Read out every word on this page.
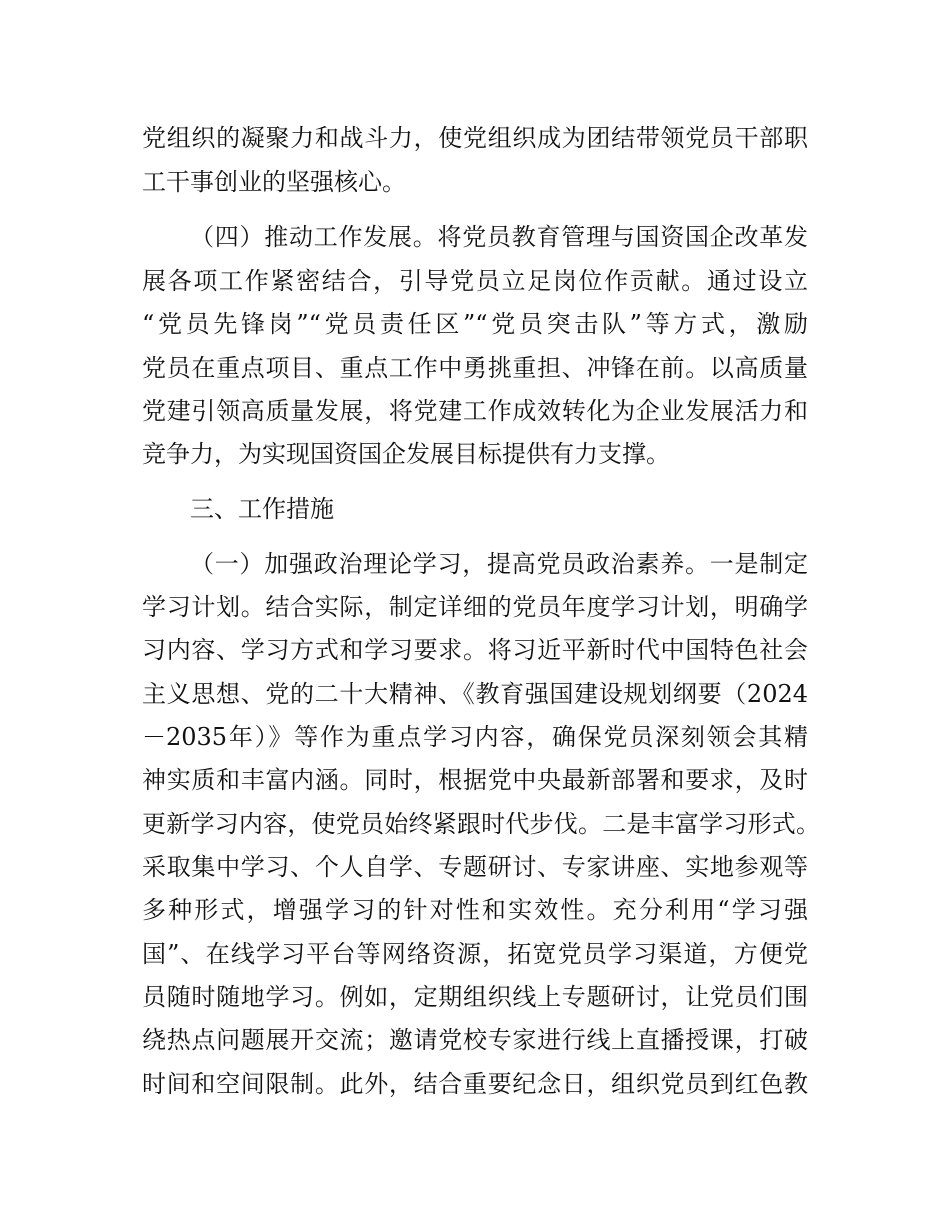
党组织的凝聚力和战斗力，使党组织成为团结带领党员干部职
工干事创业的坚强核心。
（四）推动工作发展。将党员教育管理与国资国企改革发
展各项工作紧密结合，引导党员立足岗位作贡献。通过设立
“党员先锋岗”“党员责任区”“党员突击队”等方式，激励
党员在重点项目、重点工作中勇挑重担、冲锋在前。以高质量
党建引领高质量发展，将党建工作成效转化为企业发展活力和
竞争力，为实现国资国企发展目标提供有力支撑。
三、工作措施
（一）加强政治理论学习，提高党员政治素养。一是制定
学习计划。结合实际，制定详细的党员年度学习计划，明确学
习内容、学习方式和学习要求。将习近平新时代中国特色社会
主义思想、党的二十大精神、《教育强国建设规划纲要（2024
－2035年）》等作为重点学习内容，确保党员深刻领会其精
神实质和丰富内涵。同时，根据党中央最新部署和要求，及时
更新学习内容，使党员始终紧跟时代步伐。二是丰富学习形式。
采取集中学习、个人自学、专题研讨、专家讲座、实地参观等
多种形式，增强学习的针对性和实效性。充分利用“学习强
国”、在线学习平台等网络资源，拓宽党员学习渠道，方便党
员随时随地学习。例如，定期组织线上专题研讨，让党员们围
绕热点问题展开交流；邀请党校专家进行线上直播授课，打破
时间和空间限制。此外，结合重要纪念日，组织党员到红色教
